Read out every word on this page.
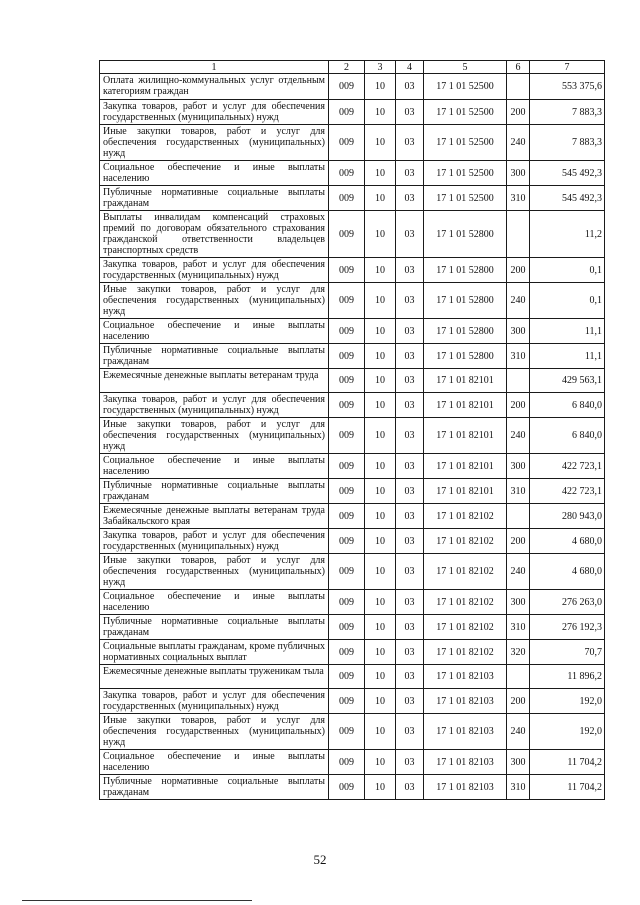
1	2	3	4	5	6	7
Оплата жилищно-коммунальных услуг отдельным категориям граждан	009	10	03	17 1 01 52500		553 375,6
Закупка товаров, работ и услуг для обеспечения государственных (муниципальных) нужд	009	10	03	17 1 01 52500	200	7 883,3
Иные закупки товаров, работ и услуг для обеспечения государственных (муниципальных) нужд	009	10	03	17 1 01 52500	240	7 883,3
Социальное обеспечение и иные выплаты населению	009	10	03	17 1 01 52500	300	545 492,3
Публичные нормативные социальные выплаты гражданам	009	10	03	17 1 01 52500	310	545 492,3
Выплаты инвалидам компенсаций страховых премий по договорам обязательного страхования гражданской ответственности владельцев транспортных средств	009	10	03	17 1 01 52800		11,2
Закупка товаров, работ и услуг для обеспечения государственных (муниципальных) нужд	009	10	03	17 1 01 52800	200	0,1
Иные закупки товаров, работ и услуг для обеспечения государственных (муниципальных) нужд	009	10	03	17 1 01 52800	240	0,1
Социальное обеспечение и иные выплаты населению	009	10	03	17 1 01 52800	300	11,1
Публичные нормативные социальные выплаты гражданам	009	10	03	17 1 01 52800	310	11,1
Ежемесячные денежные выплаты ветеранам труда	009	10	03	17 1 01 82101		429 563,1
Закупка товаров, работ и услуг для обеспечения государственных (муниципальных) нужд	009	10	03	17 1 01 82101	200	6 840,0
Иные закупки товаров, работ и услуг для обеспечения государственных (муниципальных) нужд	009	10	03	17 1 01 82101	240	6 840,0
Социальное обеспечение и иные выплаты населению	009	10	03	17 1 01 82101	300	422 723,1
Публичные нормативные социальные выплаты гражданам	009	10	03	17 1 01 82101	310	422 723,1
Ежемесячные денежные выплаты ветеранам труда Забайкальского края	009	10	03	17 1 01 82102		280 943,0
Закупка товаров, работ и услуг для обеспечения государственных (муниципальных) нужд	009	10	03	17 1 01 82102	200	4 680,0
Иные закупки товаров, работ и услуг для обеспечения государственных (муниципальных) нужд	009	10	03	17 1 01 82102	240	4 680,0
Социальное обеспечение и иные выплаты населению	009	10	03	17 1 01 82102	300	276 263,0
Публичные нормативные социальные выплаты гражданам	009	10	03	17 1 01 82102	310	276 192,3
Социальные выплаты гражданам, кроме публичных нормативных социальных выплат	009	10	03	17 1 01 82102	320	70,7
Ежемесячные денежные выплаты труженикам тыла	009	10	03	17 1 01 82103		11 896,2
Закупка товаров, работ и услуг для обеспечения государственных (муниципальных) нужд	009	10	03	17 1 01 82103	200	192,0
Иные закупки товаров, работ и услуг для обеспечения государственных (муниципальных) нужд	009	10	03	17 1 01 82103	240	192,0
Социальное обеспечение и иные выплаты населению	009	10	03	17 1 01 82103	300	11 704,2
Публичные нормативные социальные выплаты гражданам	009	10	03	17 1 01 82103	310	11 704,2
52
